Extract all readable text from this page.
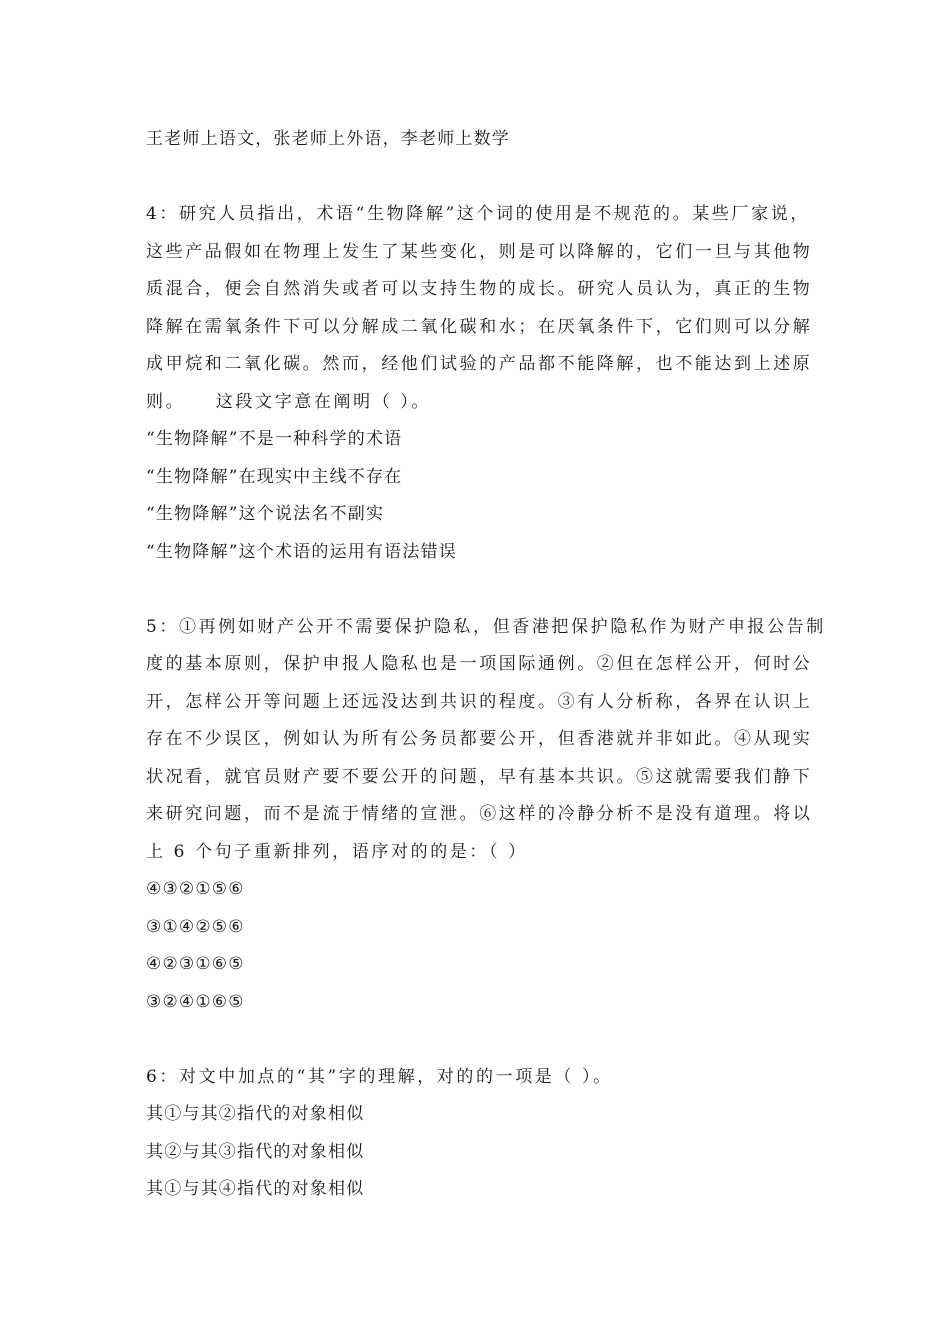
王老师上语文，张老师上外语，李老师上数学
4：研究人员指出，术语“生物降解”这个词的使用是不规范的。某些厂家说，
这些产品假如在物理上发生了某些变化，则是可以降解的，它们一旦与其他物
质混合，便会自然消失或者可以支持生物的成长。研究人员认为，真正的生物
降解在需氧条件下可以分解成二氧化碳和水；在厌氧条件下，它们则可以分解
成甲烷和二氧化碳。然而，经他们试验的产品都不能降解，也不能达到上述原
则。　　这段文字意在阐明（ ）。
“生物降解”不是一种科学的术语
“生物降解”在现实中主线不存在
“生物降解”这个说法名不副实
“生物降解”这个术语的运用有语法错误
5：①再例如财产公开不需要保护隐私，但香港把保护隐私作为财产申报公告制
度的基本原则，保护申报人隐私也是一项国际通例。②但在怎样公开，何时公
开，怎样公开等问题上还远没达到共识的程度。③有人分析称，各界在认识上
存在不少误区，例如认为所有公务员都要公开，但香港就并非如此。④从现实
状况看，就官员财产要不要公开的问题，早有基本共识。⑤这就需要我们静下
来研究问题，而不是流于情绪的宣泄。⑥这样的冷静分析不是没有道理。将以
上 6 个句子重新排列，语序对的的是：（ ）
④③②①⑤⑥
③①④②⑤⑥
④②③①⑥⑤
③②④①⑥⑤
6：对文中加点的“其”字的理解，对的的一项是（ ）。
其①与其②指代的对象相似
其②与其③指代的对象相似
其①与其④指代的对象相似
